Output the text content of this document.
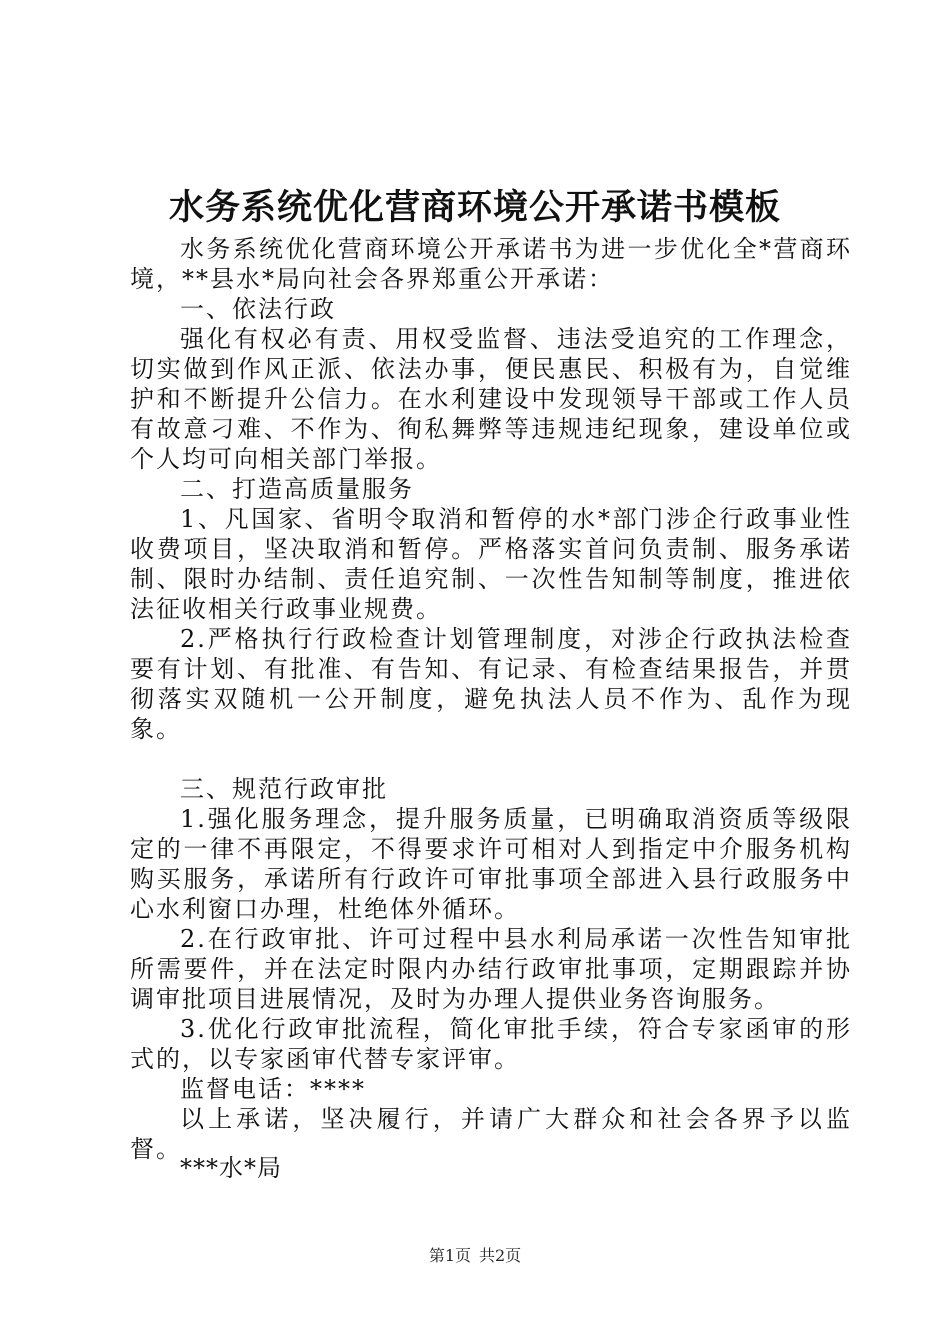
水务系统优化营商环境公开承诺书模板

水务系统优化营商环境公开承诺书为进一步优化全*营商环境，**县水*局向社会各界郑重公开承诺：

一、依法行政

强化有权必有责、用权受监督、违法受追究的工作理念，切实做到作风正派、依法办事，便民惠民、积极有为，自觉维护和不断提升公信力。在水利建设中发现领导干部或工作人员有故意刁难、不作为、徇私舞弊等违规违纪现象，建设单位或个人均可向相关部门举报。

二、打造高质量服务

1、凡国家、省明令取消和暂停的水*部门涉企行政事业性收费项目，坚决取消和暂停。严格落实首问负责制、服务承诺制、限时办结制、责任追究制、一次性告知制等制度，推进依法征收相关行政事业规费。

2.严格执行行政检查计划管理制度，对涉企行政执法检查要有计划、有批准、有告知、有记录、有检查结果报告，并贯彻落实双随机一公开制度，避免执法人员不作为、乱作为现象。

三、规范行政审批

1.强化服务理念，提升服务质量，已明确取消资质等级限定的一律不再限定，不得要求许可相对人到指定中介服务机构购买服务，承诺所有行政许可审批事项全部进入县行政服务中心水利窗口办理，杜绝体外循环。

2.在行政审批、许可过程中县水利局承诺一次性告知审批所需要件，并在法定时限内办结行政审批事项，定期跟踪并协调审批项目进展情况，及时为办理人提供业务咨询服务。

3.优化行政审批流程，简化审批手续，符合专家函审的形式的，以专家函审代替专家评审。

监督电话：****

以上承诺，坚决履行，并请广大群众和社会各界予以监督。

***水*局
第1页 共2页
